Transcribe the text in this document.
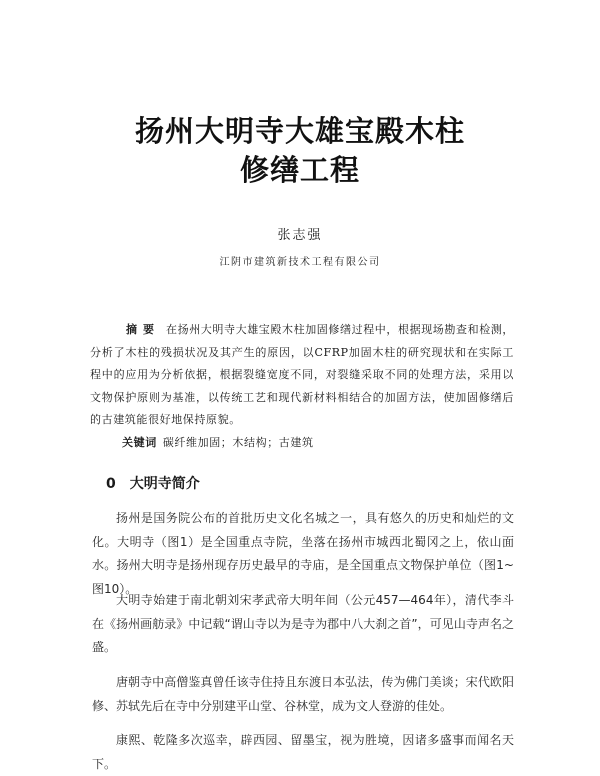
扬州大明寺大雄宝殿木柱
修缮工程
张志强
江阴市建筑新技术工程有限公司
摘要 在扬州大明寺大雄宝殿木柱加固修缮过程中，根据现场勘查和检测，分析了木柱的残损状况及其产生的原因，以CFRP加固木柱的研究现状和在实际工程中的应用为分析依据，根据裂缝宽度不同，对裂缝采取不同的处理方法，采用以文物保护原则为基准，以传统工艺和现代新材料相结合的加固方法，使加固修缮后的古建筑能很好地保持原貌。
关键词 碳纤维加固；木结构；古建筑
0 大明寺简介
扬州是国务院公布的首批历史文化名城之一，具有悠久的历史和灿烂的文化。大明寺（图1）是全国重点寺院，坐落在扬州市城西北蜀冈之上，依山面水。扬州大明寺是扬州现存历史最早的寺庙，是全国重点文物保护单位（图1~图10）。
大明寺始建于南北朝刘宋孝武帝大明年间（公元457—464年），清代李斗在《扬州画舫录》中记载“谓山寺以为是寺为郡中八大刹之首”，可见山寺声名之盛。
唐朝寺中高僧鉴真曾任该寺住持且东渡日本弘法，传为佛门美谈；宋代欧阳修、苏轼先后在寺中分别建平山堂、谷林堂，成为文人登游的佳处。
康熙、乾隆多次巡幸，辟西园、留墨宝，视为胜境，因诸多盛事而闻名天下。
